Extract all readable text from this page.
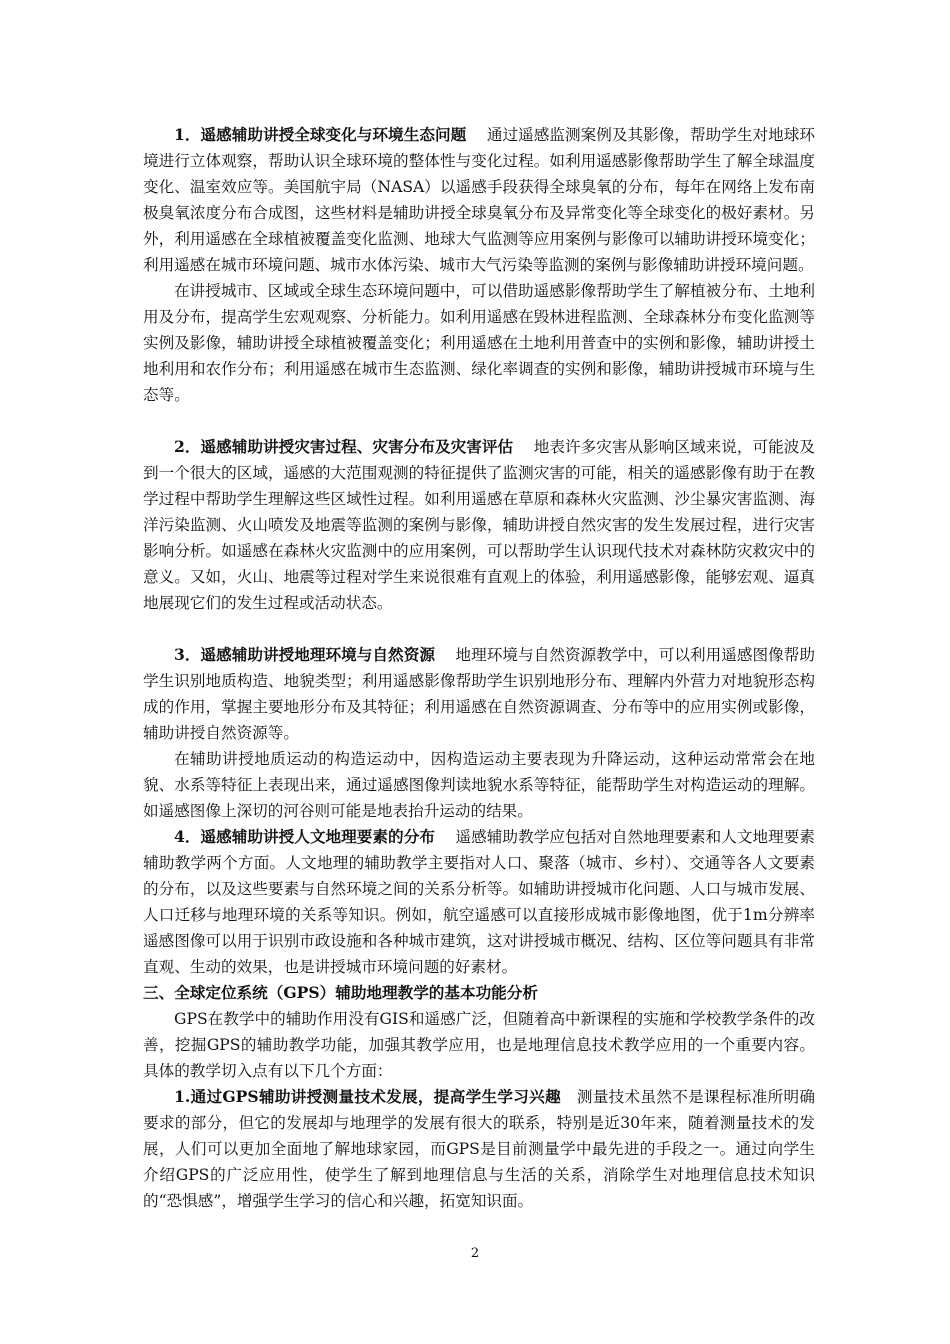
1．遥感辅助讲授全球变化与环境生态问题  通过遥感监测案例及其影像，帮助学生对地球环境进行立体观察，帮助认识全球环境的整体性与变化过程。如利用遥感影像帮助学生了解全球温度变化、温室效应等。美国航宇局（NASA）以遥感手段获得全球臭氧的分布，每年在网络上发布南极臭氧浓度分布合成图，这些材料是辅助讲授全球臭氧分布及异常变化等全球变化的极好素材。另外，利用遥感在全球植被覆盖变化监测、地球大气监测等应用案例与影像可以辅助讲授环境变化；利用遥感在城市环境问题、城市水体污染、城市大气污染等监测的案例与影像辅助讲授环境问题。

在讲授城市、区域或全球生态环境问题中，可以借助遥感影像帮助学生了解植被分布、土地利用及分布，提高学生宏观观察、分析能力。如利用遥感在毁林进程监测、全球森林分布变化监测等实例及影像，辅助讲授全球植被覆盖变化；利用遥感在土地利用普查中的实例和影像，辅助讲授土地利用和农作分布；利用遥感在城市生态监测、绿化率调查的实例和影像，辅助讲授城市环境与生态等。

2．遥感辅助讲授灾害过程、灾害分布及灾害评估  地表许多灾害从影响区域来说，可能波及到一个很大的区域，遥感的大范围观测的特征提供了监测灾害的可能，相关的遥感影像有助于在教学过程中帮助学生理解这些区域性过程。如利用遥感在草原和森林火灾监测、沙尘暴灾害监测、海洋污染监测、火山喷发及地震等监测的案例与影像，辅助讲授自然灾害的发生发展过程，进行灾害影响分析。如遥感在森林火灾监测中的应用案例，可以帮助学生认识现代技术对森林防灾救灾中的意义。又如，火山、地震等过程对学生来说很难有直观上的体验，利用遥感影像，能够宏观、逼真地展现它们的发生过程或活动状态。

3．遥感辅助讲授地理环境与自然资源  地理环境与自然资源教学中，可以利用遥感图像帮助学生识别地质构造、地貌类型；利用遥感影像帮助学生识别地形分布、理解内外营力对地貌形态构成的作用，掌握主要地形分布及其特征；利用遥感在自然资源调查、分布等中的应用实例或影像，辅助讲授自然资源等。

在辅助讲授地质运动的构造运动中，因构造运动主要表现为升降运动，这种运动常常会在地貌、水系等特征上表现出来，通过遥感图像判读地貌水系等特征，能帮助学生对构造运动的理解。如遥感图像上深切的河谷则可能是地表抬升运动的结果。

4．遥感辅助讲授人文地理要素的分布  遥感辅助教学应包括对自然地理要素和人文地理要素辅助教学两个方面。人文地理的辅助教学主要指对人口、聚落（城市、乡村）、交通等各人文要素的分布，以及这些要素与自然环境之间的关系分析等。如辅助讲授城市化问题、人口与城市发展、人口迁移与地理环境的关系等知识。例如，航空遥感可以直接形成城市影像地图，优于1m分辨率遥感图像可以用于识别市政设施和各种城市建筑，这对讲授城市概况、结构、区位等问题具有非常直观、生动的效果，也是讲授城市环境问题的好素材。

三、全球定位系统（GPS）辅助地理教学的基本功能分析

GPS在教学中的辅助作用没有GIS和遥感广泛，但随着高中新课程的实施和学校教学条件的改善，挖掘GPS的辅助教学功能，加强其教学应用，也是地理信息技术教学应用的一个重要内容。具体的教学切入点有以下几个方面：

1.通过GPS辅助讲授测量技术发展，提高学生学习兴趣  测量技术虽然不是课程标准所明确要求的部分，但它的发展却与地理学的发展有很大的联系，特别是近30年来，随着测量技术的发展，人们可以更加全面地了解地球家园，而GPS是目前测量学中最先进的手段之一。通过向学生介绍GPS的广泛应用性，使学生了解到地理信息与生活的关系，消除学生对地理信息技术知识的“恐惧感”，增强学生学习的信心和兴趣，拓宽知识面。

2
